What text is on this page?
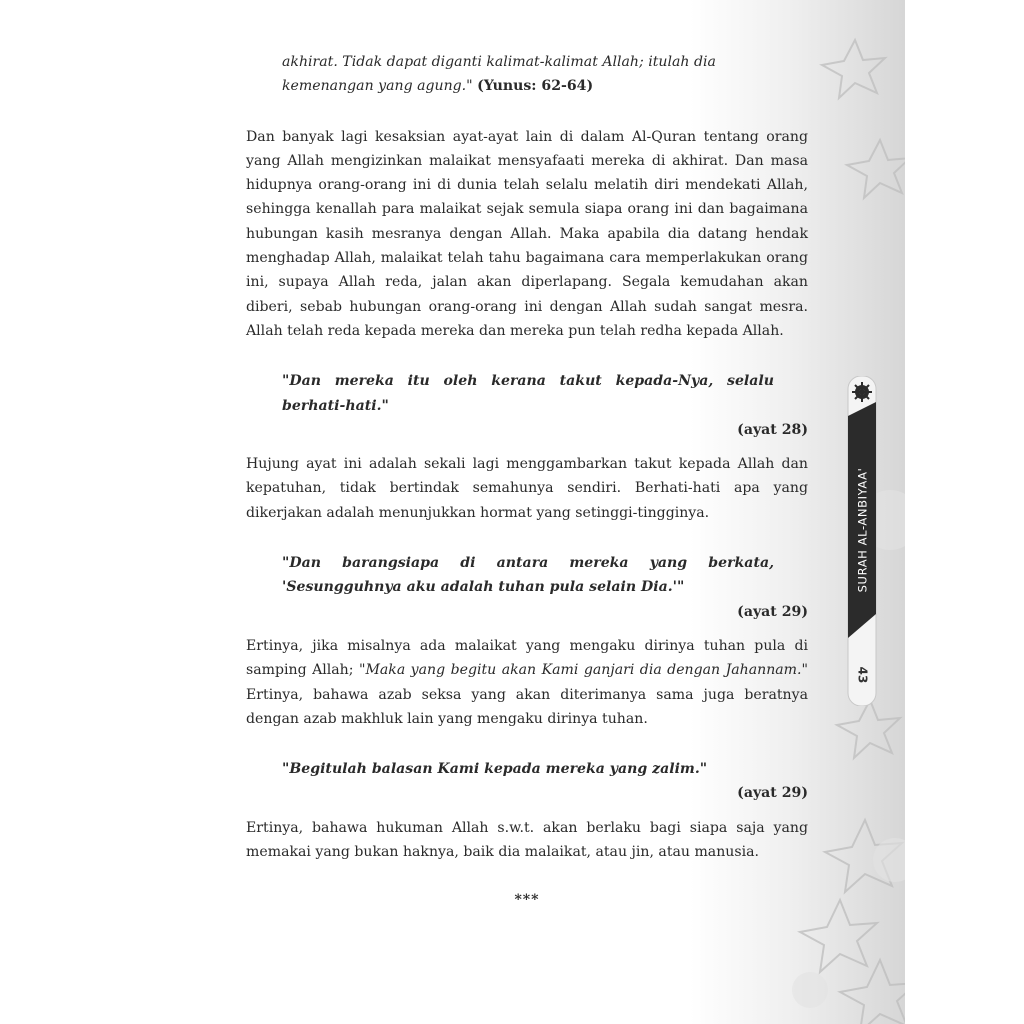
SURAH AL-ANBIYAA'
43
akhirat. Tidak dapat diganti kalimat-kalimat Allah; itulah dia
kemenangan yang agung." (Yunus: 62-64)

Dan banyak lagi kesaksian ayat-ayat lain di dalam Al-Quran tentang orang yang Allah mengizinkan malaikat mensyafaati mereka di akhirat. Dan masa hidupnya orang-orang ini di dunia telah selalu melatih diri mendekati Allah, sehingga kenallah para malaikat sejak semula siapa orang ini dan bagaimana hubungan kasih mesranya dengan Allah. Maka apabila dia datang hendak menghadap Allah, malaikat telah tahu bagaimana cara memperlakukan orang ini, supaya Allah reda, jalan akan diperlapang. Segala kemudahan akan diberi, sebab hubungan orang-orang ini dengan Allah sudah sangat mesra. Allah telah reda kepada mereka dan mereka pun telah redha kepada Allah.

"Dan mereka itu oleh kerana takut kepada-Nya, selalu berhati-hati."

(ayat 28)

Hujung ayat ini adalah sekali lagi menggambarkan takut kepada Allah dan kepatuhan, tidak bertindak semahunya sendiri. Berhati-hati apa yang dikerjakan adalah menunjukkan hormat yang setinggi-tingginya.

"Dan barangsiapa di antara mereka yang berkata, 'Sesungguhnya aku adalah tuhan pula selain Dia.'"

(ayat 29)

Ertinya, jika misalnya ada malaikat yang mengaku dirinya tuhan pula di samping Allah; "Maka yang begitu akan Kami ganjari dia dengan Jahannam." Ertinya, bahawa azab seksa yang akan diterimanya sama juga beratnya dengan azab makhluk lain yang mengaku dirinya tuhan.

"Begitulah balasan Kami kepada mereka yang zalim."

(ayat 29)

Ertinya, bahawa hukuman Allah s.w.t. akan berlaku bagi siapa saja yang memakai yang bukan haknya, baik dia malaikat, atau jin, atau manusia.

***
